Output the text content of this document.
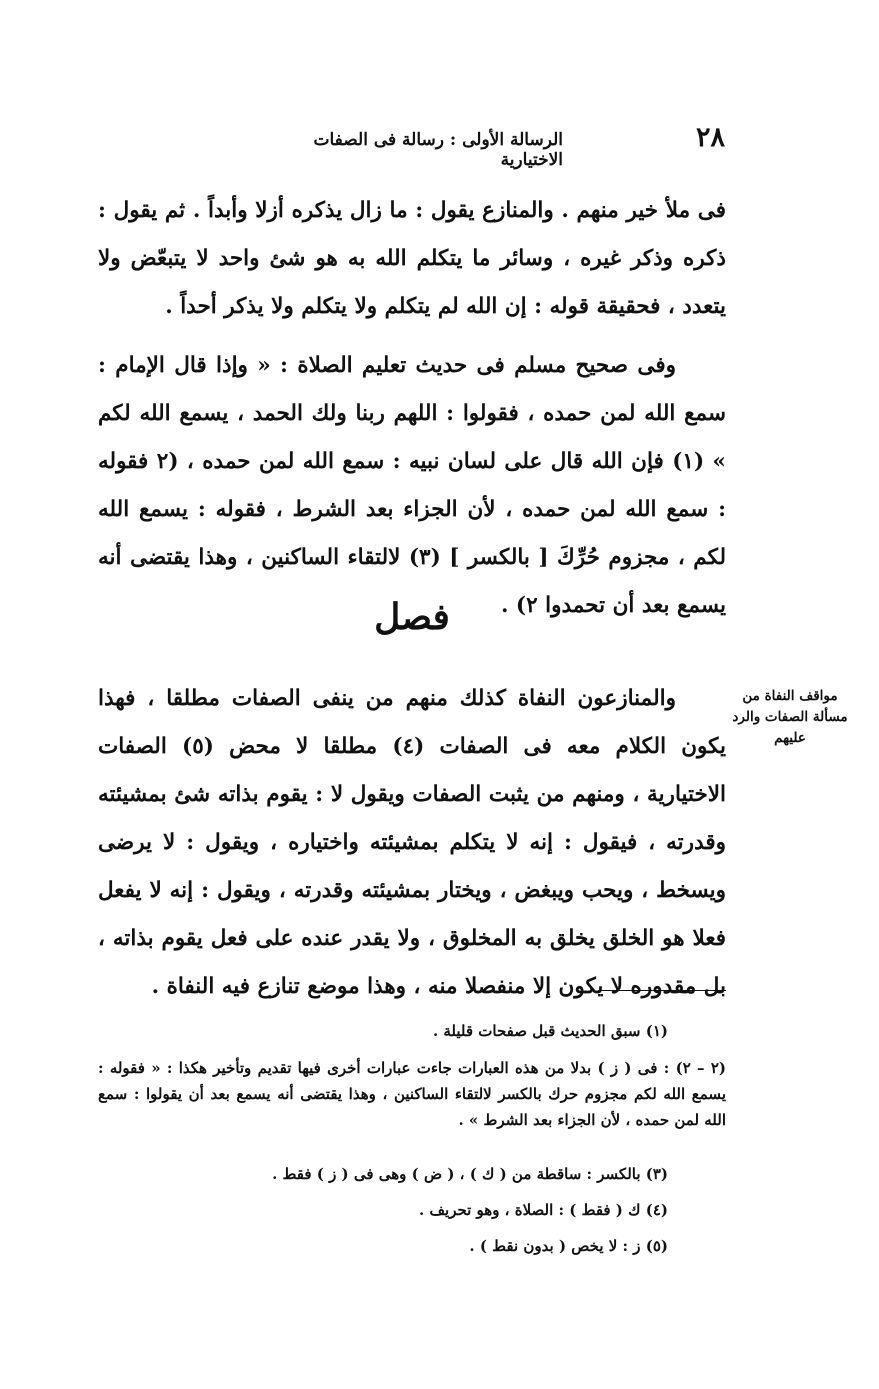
٢٨
الرسالة الأولى : رسالة فى الصفات الاختيارية

فى ملأ خير منهم . والمنازع يقول : ما زال يذكره أزلا وأبداً . ثم يقول : ذكره وذكر غيره ، وسائر ما يتكلم الله به هو شئ واحد لا يتبعّض ولا يتعدد ، فحقيقة قوله : إن الله لم يتكلم ولا يتكلم ولا يذكر أحداً .

وفى صحيح مسلم فى حديث تعليم الصلاة : « وإذا قال الإمام : سمع الله لمن حمده ، فقولوا : اللهم ربنا ولك الحمد ، يسمع الله لكم » (١) فإن الله قال على لسان نبيه : سمع الله لمن حمده ، (٢ فقوله : سمع الله لمن حمده ، لأن الجزاء بعد الشرط ، فقوله : يسمع الله لكم ، مجزوم حُرِّكَ [ بالكسر ] (٣) لالتقاء الساكنين ، وهذا يقتضى أنه يسمع بعد أن تحمدوا ٢) .

فصل
مواقف النفاة من مسألة الصفات والرد عليهم

والمنازعون النفاة كذلك منهم من ينفى الصفات مطلقا ، فهذا يكون الكلام معه فى الصفات (٤) مطلقا لا محض (٥) الصفات الاختيارية ، ومنهم من يثبت الصفات ويقول لا : يقوم بذاته شئ بمشيئته وقدرته ، فيقول : إنه لا يتكلم بمشيئته واختياره ، ويقول : لا يرضى ويسخط ، ويحب ويبغض ، ويختار بمشيئته وقدرته ، ويقول : إنه لا يفعل فعلا هو الخلق يخلق به المخلوق ، ولا يقدر عنده على فعل يقوم بذاته ، بل مقدوره لا يكون إلا منفصلا منه ، وهذا موضع تنازع فيه النفاة .

(١) سبق الحديث قبل صفحات قليلة .

(٢ – ٢) : فى ( ز ) بدلا من هذه العبارات جاءت عبارات أخرى فيها تقديم وتأخير هكذا : « فقوله : يسمع الله لكم مجزوم حرك بالكسر لالتقاء الساكنين ، وهذا يقتضى أنه يسمع بعد أن يقولوا : سمع الله لمن حمده ، لأن الجزاء بعد الشرط » .

(٣) بالكسر : ساقطة من ( ك ) ، ( ض ) وهى فى ( ز ) فقط .

(٤) ك ( فقط ) : الصلاة ، وهو تحريف .

(٥) ز : لا يخص ( بدون نقط ) .
